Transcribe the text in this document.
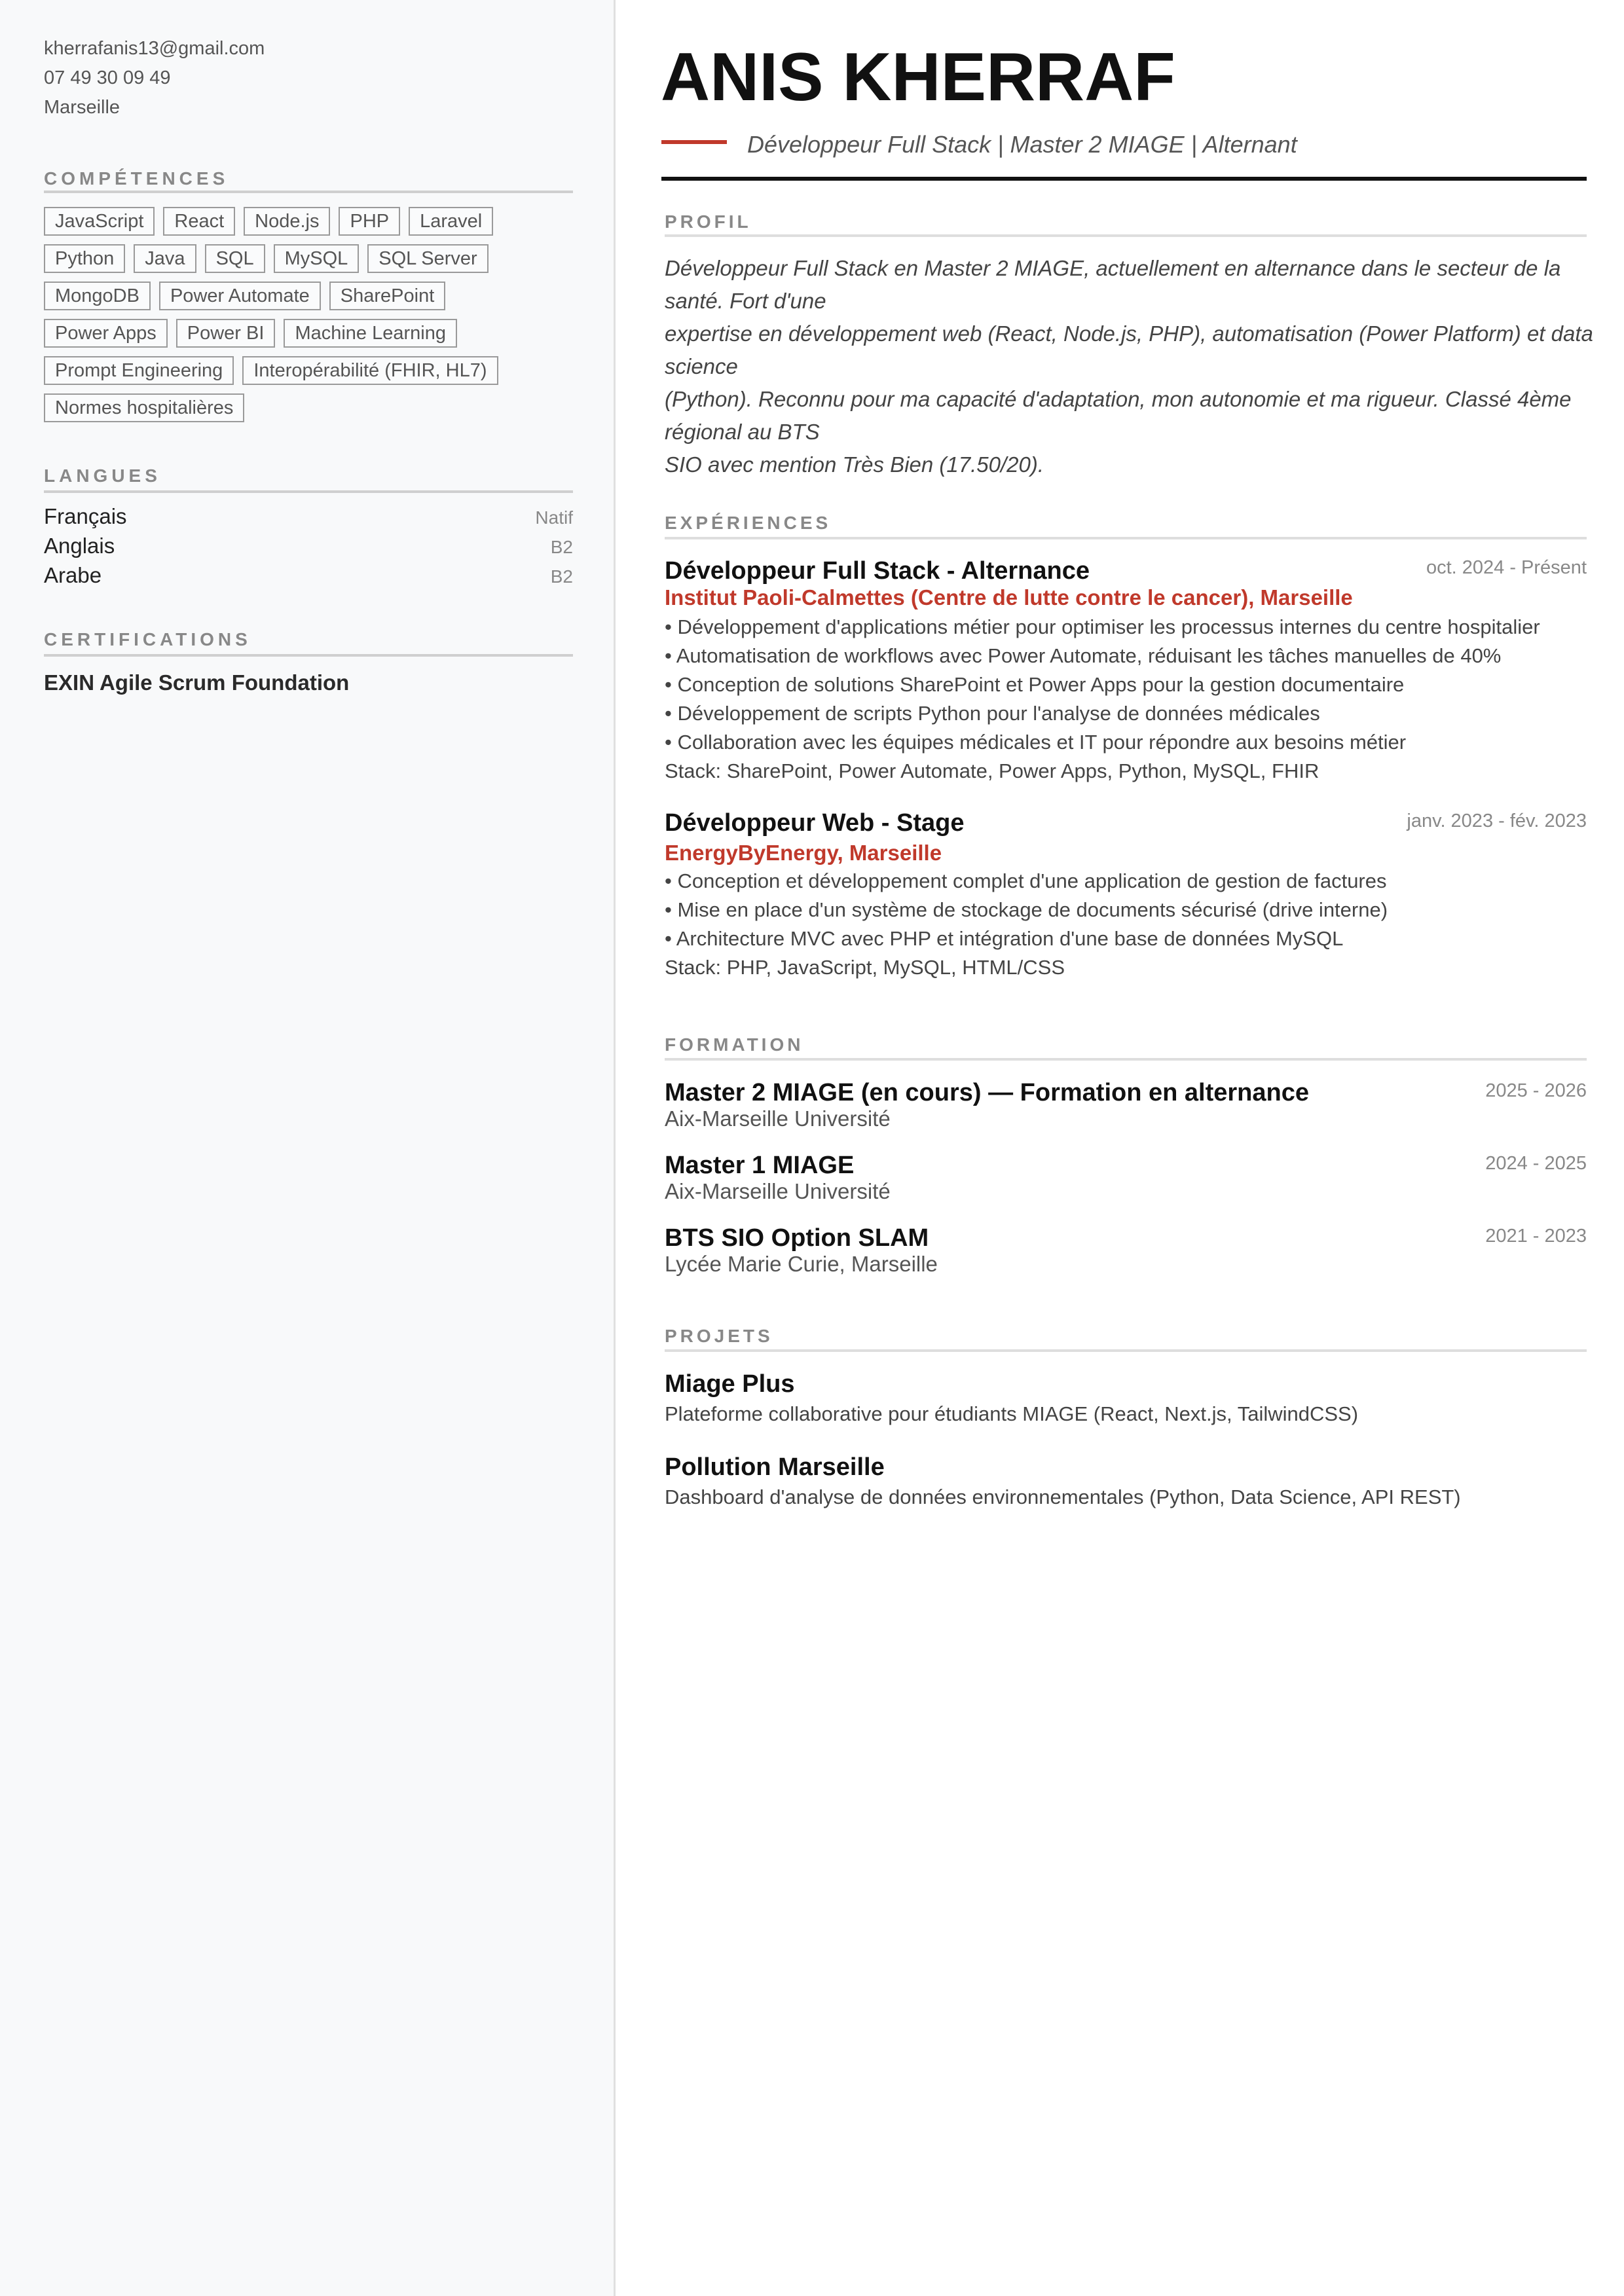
kherrafanis13@gmail.com
07 49 30 09 49
Marseille
COMPÉTENCES
JavaScript	React	Node.js	PHP	Laravel
Python	Java	SQL	MySQL	SQL Server
MongoDB	Power Automate	SharePoint
Power Apps	Power BI	Machine Learning
Prompt Engineering	Interopérabilité (FHIR, HL7)
Normes hospitalières
LANGUES
Français	Natif
Anglais	B2
Arabe	B2
CERTIFICATIONS
EXIN Agile Scrum Foundation
ANIS KHERRAF
Développeur Full Stack | Master 2 MIAGE | Alternant
PROFIL
Développeur Full Stack en Master 2 MIAGE, actuellement en alternance dans le secteur de la
santé. Fort d'une
expertise en développement web (React, Node.js, PHP), automatisation (Power Platform) et data
science
(Python). Reconnu pour ma capacité d'adaptation, mon autonomie et ma rigueur. Classé 4ème
régional au BTS
SIO avec mention Très Bien (17.50/20).
EXPÉRIENCES
Développeur Full Stack - Alternance	oct. 2024 - Présent
Institut Paoli-Calmettes (Centre de lutte contre le cancer), Marseille
• Développement d'applications métier pour optimiser les processus internes du centre hospitalier
• Automatisation de workflows avec Power Automate, réduisant les tâches manuelles de 40%
• Conception de solutions SharePoint et Power Apps pour la gestion documentaire
• Développement de scripts Python pour l'analyse de données médicales
• Collaboration avec les équipes médicales et IT pour répondre aux besoins métier
Stack: SharePoint, Power Automate, Power Apps, Python, MySQL, FHIR
Développeur Web - Stage	janv. 2023 - fév. 2023
EnergyByEnergy, Marseille
• Conception et développement complet d'une application de gestion de factures
• Mise en place d'un système de stockage de documents sécurisé (drive interne)
• Architecture MVC avec PHP et intégration d'une base de données MySQL
Stack: PHP, JavaScript, MySQL, HTML/CSS
FORMATION
Master 2 MIAGE (en cours) — Formation en alternance	2025 - 2026
Aix-Marseille Université
Master 1 MIAGE	2024 - 2025
Aix-Marseille Université
BTS SIO Option SLAM	2021 - 2023
Lycée Marie Curie, Marseille
PROJETS
Miage Plus
Plateforme collaborative pour étudiants MIAGE (React, Next.js, TailwindCSS)
Pollution Marseille
Dashboard d'analyse de données environnementales (Python, Data Science, API REST)
